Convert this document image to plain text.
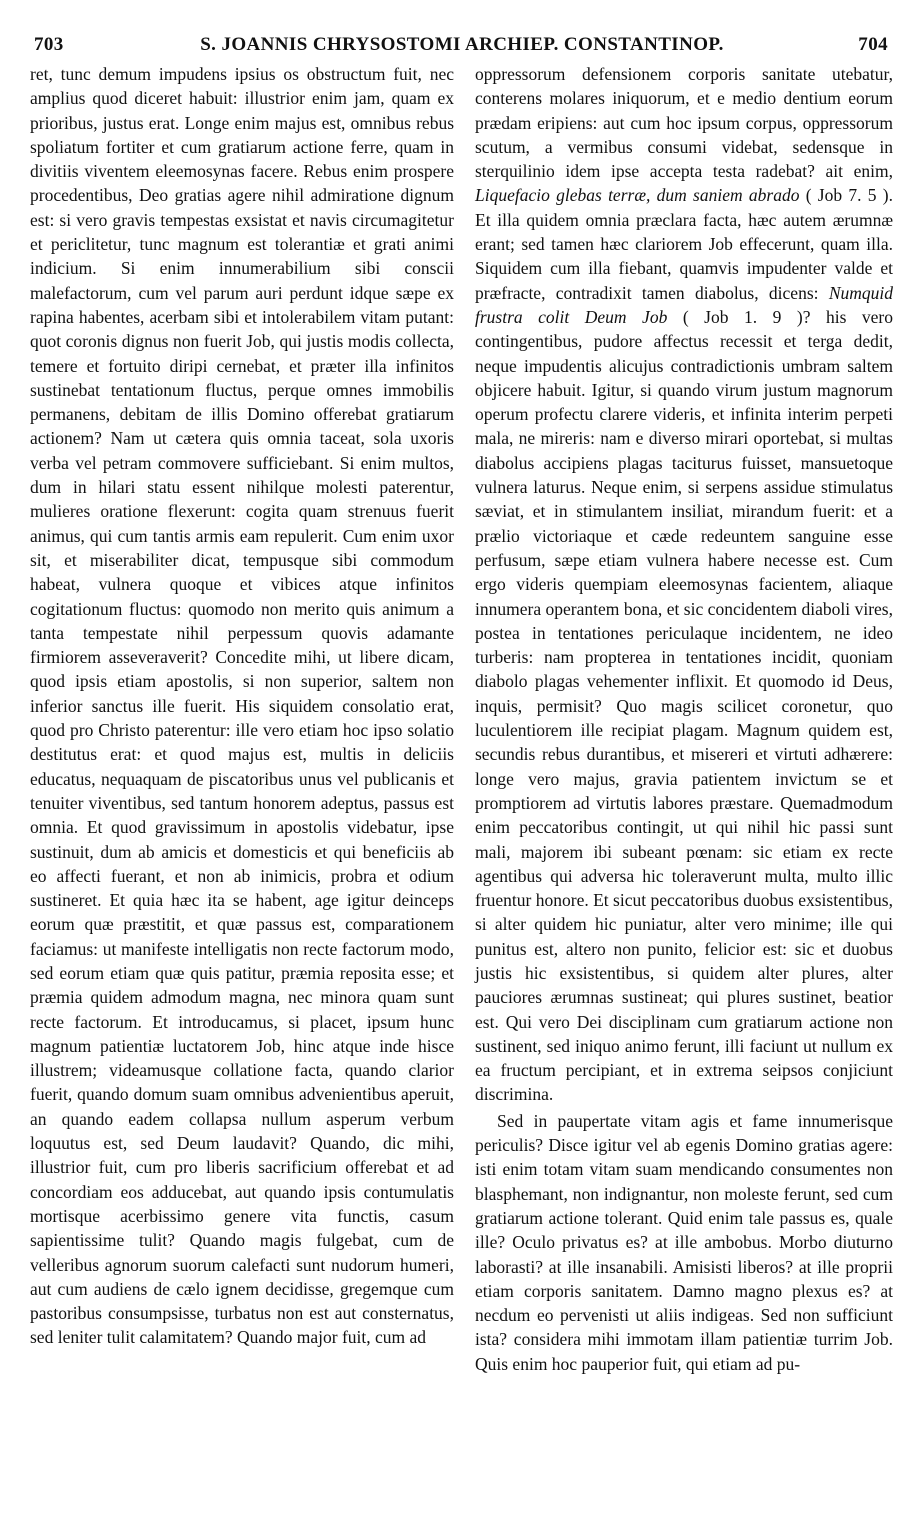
703	S. JOANNIS CHRYSOSTOMI ARCHIEP. CONSTANTINOP.	704

ret, tunc demum impudens ipsius os obstructum fuit, nec amplius quod diceret habuit: illustrior enim jam, quam ex prioribus, justus erat. Longe enim majus est, omnibus rebus spoliatum fortiter et cum gratiarum actione ferre, quam in divitiis viventem eleemosynas facere. Rebus enim prospere procedentibus, Deo gratias agere nihil admiratione dignum est: si vero gravis tempestas exsistat et navis circumagitetur et periclitetur, tunc magnum est tolerantiæ et grati animi indicium. Si enim innumerabilium sibi conscii malefactorum, cum vel parum auri perdunt idque sæpe ex rapina habentes, acerbam sibi et intolerabilem vitam putant: quot coronis dignus non fuerit Job, qui justis modis collecta, temere et fortuito diripi cernebat, et præter illa infinitos sustinebat tentationum fluctus, perque omnes immobilis permanens, debitam de illis Domino offerebat gratiarum actionem? Nam ut cætera quis omnia taceat, sola uxoris verba vel petram commovere sufficiebant. Si enim multos, dum in hilari statu essent nihilque molesti paterentur, mulieres oratione flexerunt: cogita quam strenuus fuerit animus, qui cum tantis armis eam repulerit. Cum enim uxor sit, et miserabiliter dicat, tempusque sibi commodum habeat, vulnera quoque et vibices atque infinitos cogitationum fluctus: quomodo non merito quis animum a tanta tempestate nihil perpessum quovis adamante firmiorem asseveraverit? Concedite mihi, ut libere dicam, quod ipsis etiam apostolis, si non superior, saltem non inferior sanctus ille fuerit. His siquidem consolatio erat, quod pro Christo paterentur: ille vero etiam hoc ipso solatio destitutus erat: et quod majus est, multis in deliciis educatus, nequaquam de piscatoribus unus vel publicanis et tenuiter viventibus, sed tantum honorem adeptus, passus est omnia. Et quod gravissimum in apostolis videbatur, ipse sustinuit, dum ab amicis et domesticis et qui beneficiis ab eo affecti fuerant, et non ab inimicis, probra et odium sustineret. Et quia hæc ita se habent, age igitur deinceps eorum quæ præstitit, et quæ passus est, comparationem faciamus: ut manifeste intelligatis non recte factorum modo, sed eorum etiam quæ quis patitur, præmia reposita esse; et præmia quidem admodum magna, nec minora quam sunt recte factorum. Et introducamus, si placet, ipsum hunc magnum patientiæ luctatorem Job, hinc atque inde hisce illustrem; videamusque collatione facta, quando clarior fuerit, quando domum suam omnibus advenientibus aperuit, an quando eadem collapsa nullum asperum verbum loquutus est, sed Deum laudavit? Quando, dic mihi, illustrior fuit, cum pro liberis sacrificium offerebat et ad concordiam eos adducebat, aut quando ipsis contumulatis mortisque acerbissimo genere vita functis, casum sapientissime tulit? Quando magis fulgebat, cum de velleribus agnorum suorum calefacti sunt nudorum humeri, aut cum audiens de cælo ignem decidisse, gregemque cum pastoribus consumpsisse, turbatus non est aut consternatus, sed leniter tulit calamitatem? Quando major fuit, cum ad

oppressorum defensionem corporis sanitate utebatur, conterens molares iniquorum, et e medio dentium eorum prædam eripiens: aut cum hoc ipsum corpus, oppressorum scutum, a vermibus consumi videbat, sedensque in sterquilinio idem ipse accepta testa radebat? ait enim, Liquefacio glebas terræ, dum saniem abrado ( Job 7. 5 ). Et illa quidem omnia præclara facta, hæc autem ærumnæ erant; sed tamen hæc clariorem Job effecerunt, quam illa. Siquidem cum illa fiebant, quamvis impudenter valde et præfracte, contradixit tamen diabolus, dicens: Numquid frustra colit Deum Job ( Job 1. 9 )? his vero contingentibus, pudore affectus recessit et terga dedit, neque impudentis alicujus contradictionis umbram saltem objicere habuit. Igitur, si quando virum justum magnorum operum profectu clarere videris, et infinita interim perpeti mala, ne mireris: nam e diverso mirari oportebat, si multas diabolus accipiens plagas taciturus fuisset, mansuetoque vulnera laturus. Neque enim, si serpens assidue stimulatus sæviat, et in stimulantem insiliat, mirandum fuerit: et a prælio victoriaque et cæde redeuntem sanguine esse perfusum, sæpe etiam vulnera habere necesse est. Cum ergo videris quempiam eleemosynas facientem, aliaque innumera operantem bona, et sic concidentem diaboli vires, postea in tentationes periculaque incidentem, ne ideo turberis: nam propterea in tentationes incidit, quoniam diabolo plagas vehementer inflixit. Et quomodo id Deus, inquis, permisit? Quo magis scilicet coronetur, quo luculentiorem ille recipiat plagam. Magnum quidem est, secundis rebus durantibus, et misereri et virtuti adhærere: longe vero majus, gravia patientem invictum se et promptiorem ad virtutis labores præstare. Quemadmodum enim peccatoribus contingit, ut qui nihil hic passi sunt mali, majorem ibi subeant pœnam: sic etiam ex recte agentibus qui adversa hic toleraverunt multa, multo illic fruentur honore. Et sicut peccatoribus duobus exsistentibus, si alter quidem hic puniatur, alter vero minime; ille qui punitus est, altero non punito, felicior est: sic et duobus justis hic exsistentibus, si quidem alter plures, alter pauciores ærumnas sustineat; qui plures sustinet, beatior est. Qui vero Dei disciplinam cum gratiarum actione non sustinent, sed iniquo animo ferunt, illi faciunt ut nullum ex ea fructum percipiant, et in extrema seipsos conjiciunt discrimina.

Sed in paupertate vitam agis et fame innumerisque periculis? Disce igitur vel ab egenis Domino gratias agere: isti enim totam vitam suam mendicando consumentes non blasphemant, non indignantur, non moleste ferunt, sed cum gratiarum actione tolerant. Quid enim tale passus es, quale ille? Oculo privatus es? at ille ambobus. Morbo diuturno laborasti? at ille insanabili. Amisisti liberos? at ille proprii etiam corporis sanitatem. Damno magno plexus es? at necdum eo pervenisti ut aliis indigeas. Sed non sufficiunt ista? considera mihi immotam illam patientiæ turrim Job. Quis enim hoc pauperior fuit, qui etiam ad pu-
